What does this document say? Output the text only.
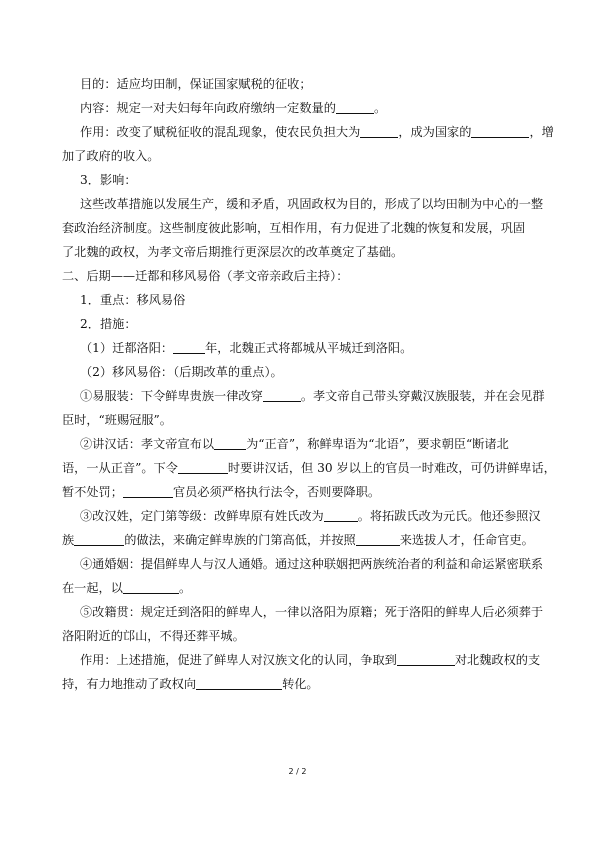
目的：适应均田制，保证国家赋税的征收；
内容：规定一对夫妇每年向政府缴纳一定数量的	。
作用：改变了赋税征收的混乱现象，使农民负担大为	，成为国家的	，增
加了政府的收入。
3．影响：
这些改革措施以发展生产，缓和矛盾，巩固政权为目的，形成了以均田制为中心的一整
套政治经济制度。这些制度彼此影响，互相作用，有力促进了北魏的恢复和发展，巩固
了北魏的政权，为孝文帝后期推行更深层次的改革奠定了基础。
二、后期——迁都和移风易俗（孝文帝亲政后主持）：
1．重点：移风易俗
2．措施：
（1）迁都洛阳：	年，北魏正式将都城从平城迁到洛阳。
（2）移风易俗：（后期改革的重点）。
①易服装：下令鲜卑贵族一律改穿	。孝文帝自己带头穿戴汉族服装，并在会见群
臣时，“班赐冠服”。
②讲汉话：孝文帝宣布以	为“正音”，称鲜卑语为“北语”，要求朝臣“断诸北
语，一从正音”。下令	时要讲汉话，但 30 岁以上的官员一时难改，可仍讲鲜卑话，
暂不处罚；	官员必须严格执行法令，否则要降职。
③改汉姓，定门第等级：改鲜卑原有姓氏改为	。将拓跋氏改为元氏。他还参照汉
族	的做法，来确定鲜卑族的门第高低，并按照	来选拔人才，任命官吏。
④通婚姻：提倡鲜卑人与汉人通婚。通过这种联姻把两族统治者的利益和命运紧密联系
在一起，以	。
⑤改籍贯：规定迁到洛阳的鲜卑人，一律以洛阳为原籍；死于洛阳的鲜卑人后必须葬于
洛阳附近的邙山，不得还葬平城。
作用：上述措施，促进了鲜卑人对汉族文化的认同，争取到	对北魏政权的支
持，有力地推动了政权向	转化。
2 / 2
